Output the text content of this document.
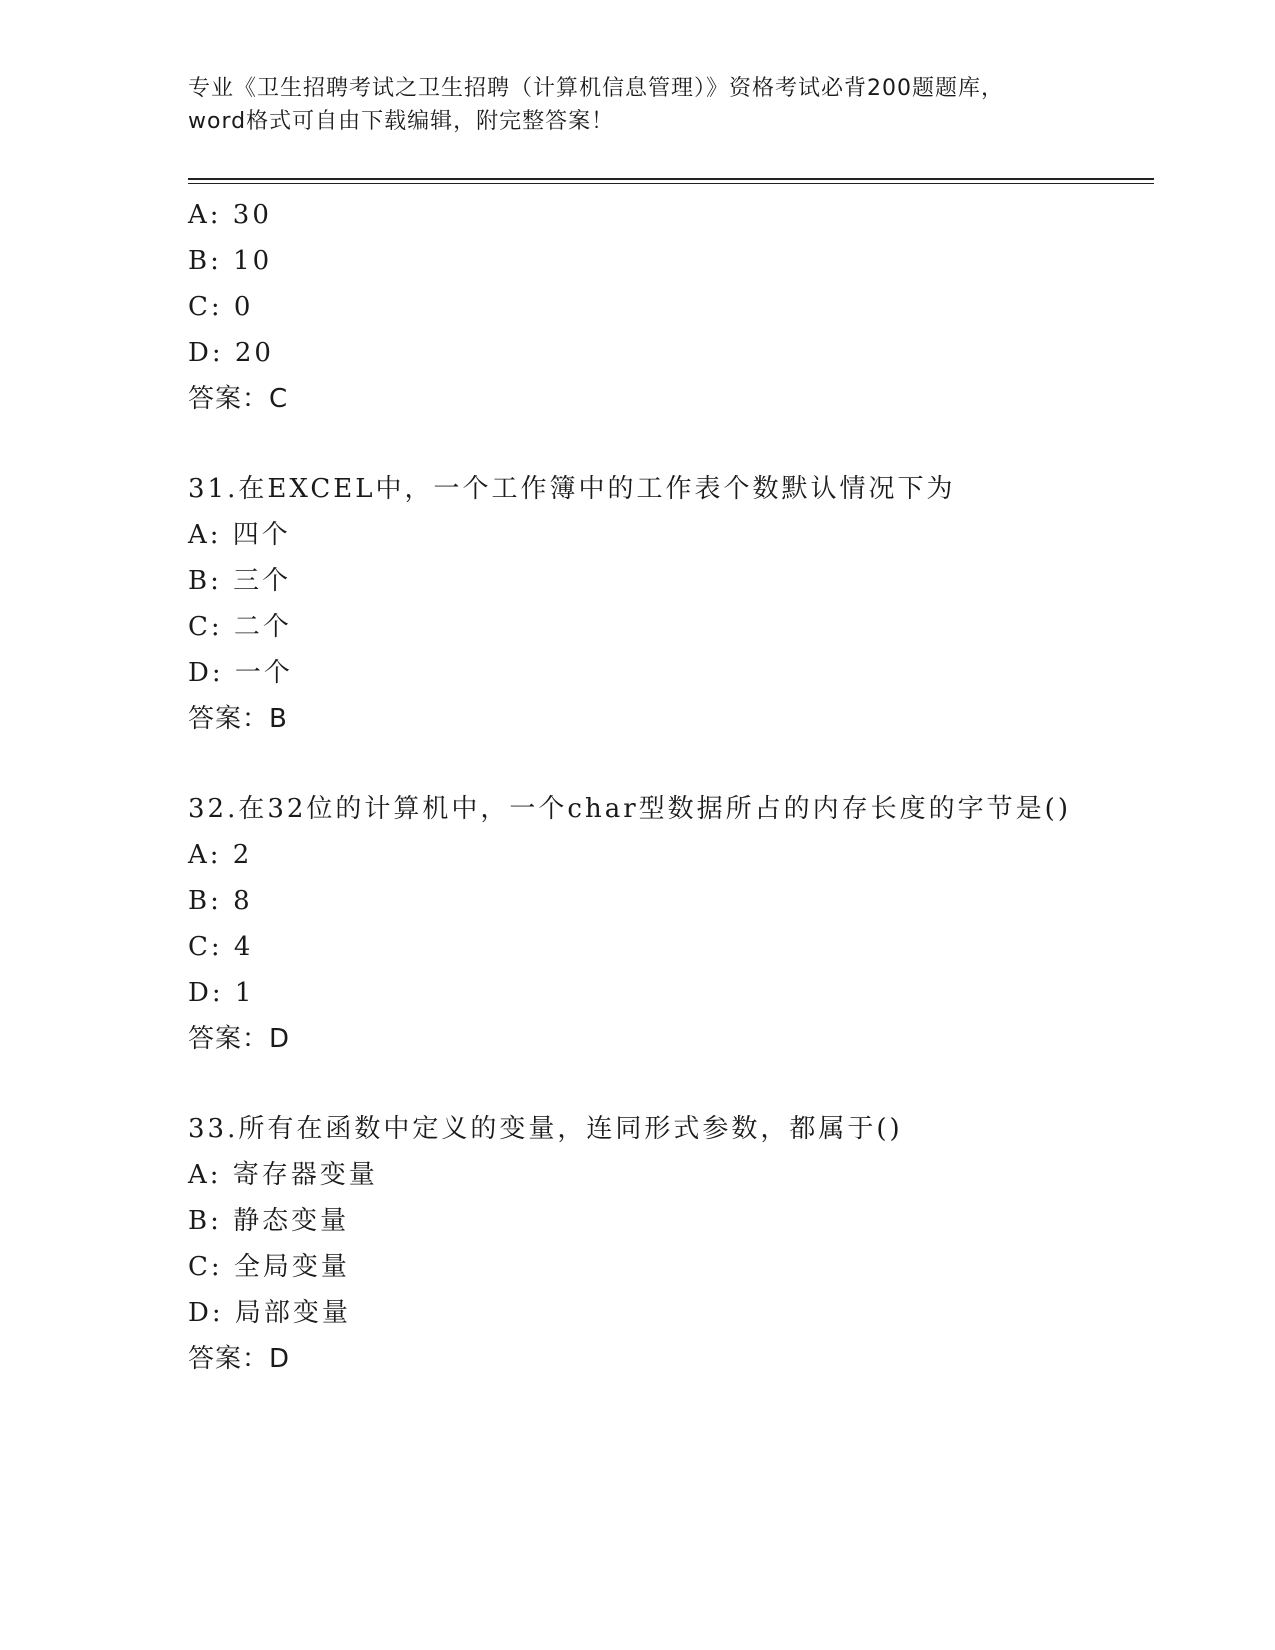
专业《卫生招聘考试之卫生招聘（计算机信息管理）》资格考试必背200题题库，
word格式可自由下载编辑，附完整答案！
A: 30
B: 10
C: 0
D: 20
答案：C
31.在EXCEL中，一个工作簿中的工作表个数默认情况下为
A: 四个
B: 三个
C: 二个
D: 一个
答案：B
32.在32位的计算机中，一个char型数据所占的内存长度的字节是()
A: 2
B: 8
C: 4
D: 1
答案：D
33.所有在函数中定义的变量，连同形式参数，都属于()
A: 寄存器变量
B: 静态变量
C: 全局变量
D: 局部变量
答案：D
